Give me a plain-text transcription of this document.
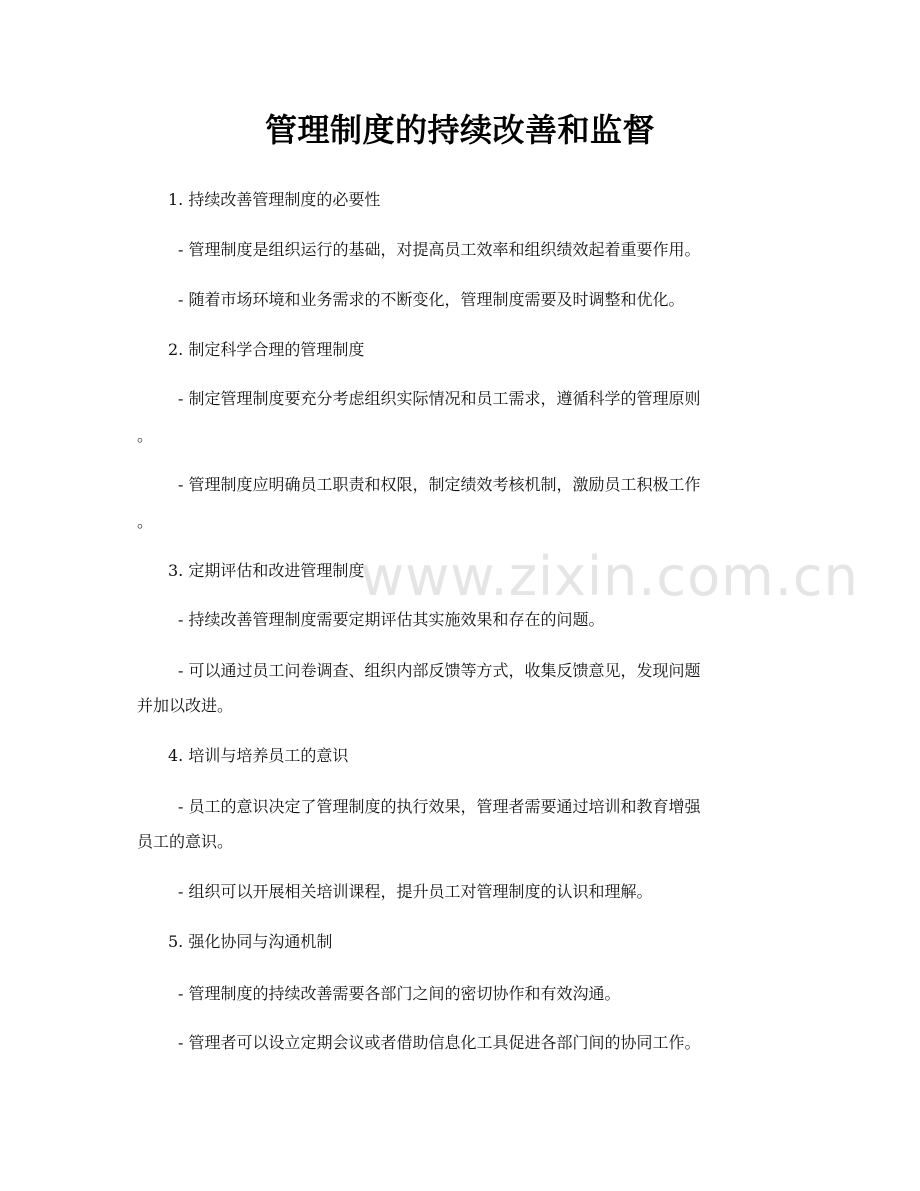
www.zixin.com.cn
管理制度的持续改善和监督
1. 持续改善管理制度的必要性
- 管理制度是组织运行的基础，对提高员工效率和组织绩效起着重要作用。
- 随着市场环境和业务需求的不断变化，管理制度需要及时调整和优化。
2. 制定科学合理的管理制度
- 制定管理制度要充分考虑组织实际情况和员工需求，遵循科学的管理原则
。
- 管理制度应明确员工职责和权限，制定绩效考核机制，激励员工积极工作
。
3. 定期评估和改进管理制度
- 持续改善管理制度需要定期评估其实施效果和存在的问题。
- 可以通过员工问卷调查、组织内部反馈等方式，收集反馈意见，发现问题
并加以改进。
4. 培训与培养员工的意识
- 员工的意识决定了管理制度的执行效果，管理者需要通过培训和教育增强
员工的意识。
- 组织可以开展相关培训课程，提升员工对管理制度的认识和理解。
5. 强化协同与沟通机制
- 管理制度的持续改善需要各部门之间的密切协作和有效沟通。
- 管理者可以设立定期会议或者借助信息化工具促进各部门间的协同工作。
